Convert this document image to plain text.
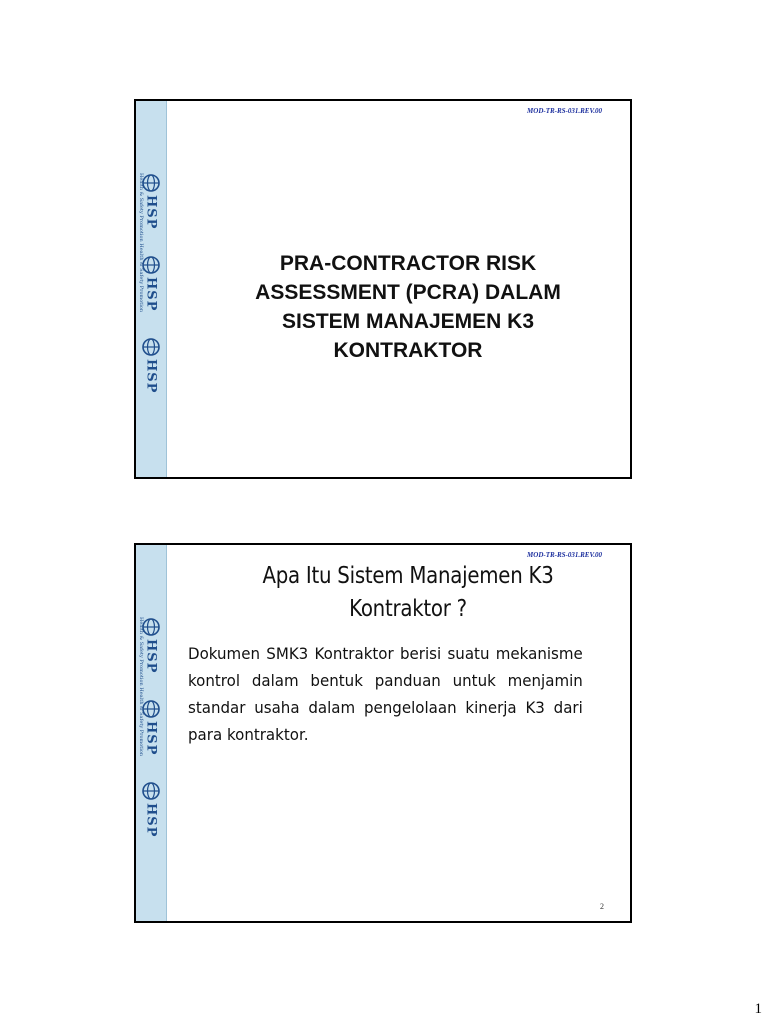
Health & Safety Promotion Health & Safety Promotion HSP
HSP
HSP
MOD-TR-RS-031.REV.00
PRA-CONTRACTOR RISK
ASSESSMENT (PCRA) DALAM
SISTEM MANAJEMEN K3
KONTRAKTOR
Health & Safety Promotion Health & Safety Promotion HSP
HSP
HSP
MOD-TR-RS-031.REV.00
Apa Itu Sistem Manajemen K3
Kontraktor ?
Dokumen SMK3 Kontraktor berisi suatu mekanisme kontrol dalam bentuk panduan untuk menjamin standar usaha dalam pengelolaan kinerja K3 dari para kontraktor.
2
1
